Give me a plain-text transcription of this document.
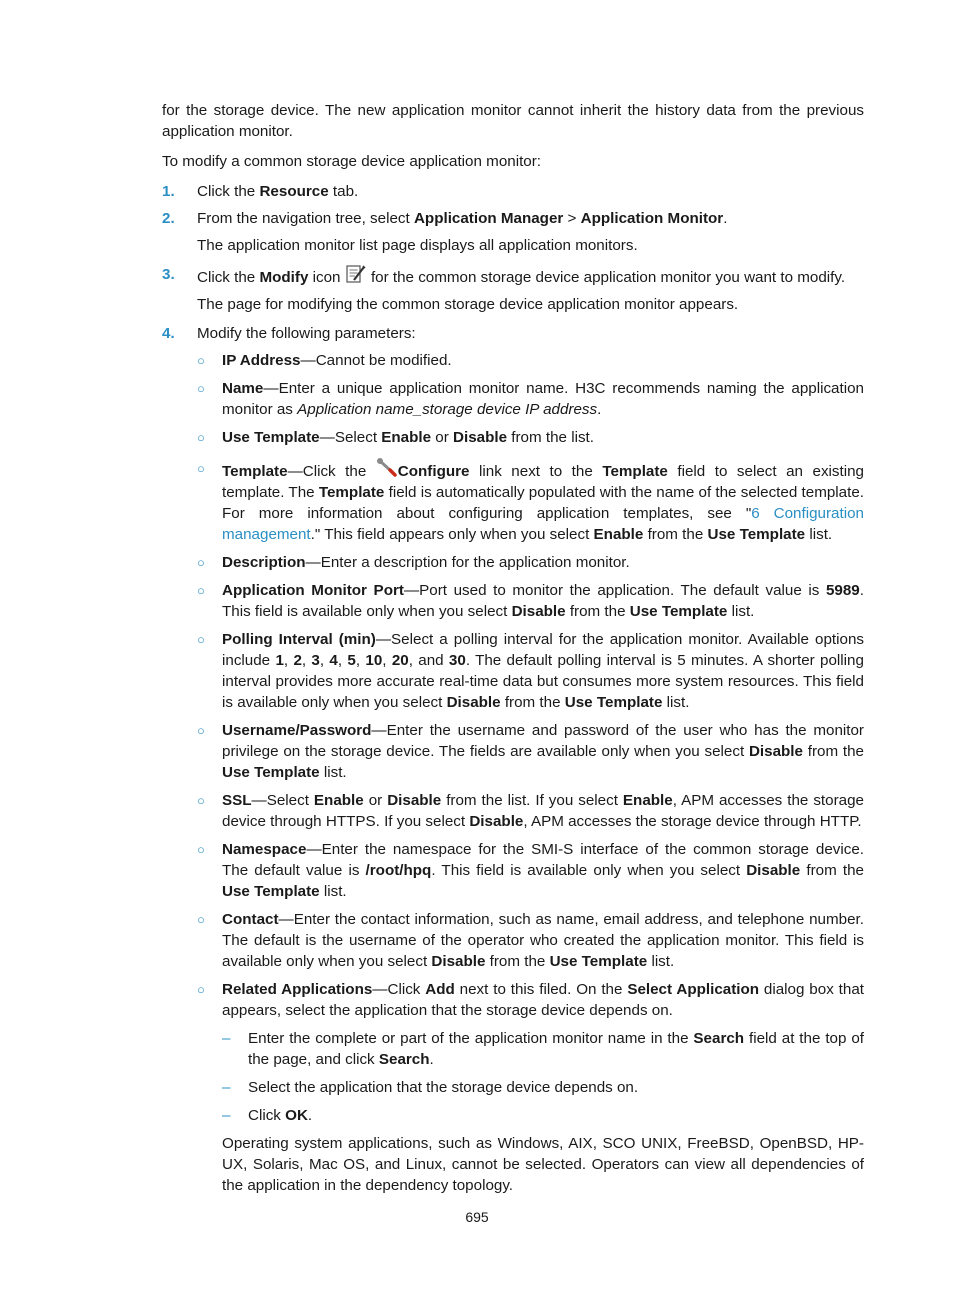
for the storage device. The new application monitor cannot inherit the history data from the previous application monitor.

To modify a common storage device application monitor:

1. Click the Resource tab.
2. From the navigation tree, select Application Manager > Application Monitor.

The application monitor list page displays all application monitors.

3. Click the Modify icon  for the common storage device application monitor you want to modify.

The page for modifying the common storage device application monitor appears.

4. Modify the following parameters:
○ IP Address—Cannot be modified.
○ Name—Enter a unique application monitor name. H3C recommends naming the application monitor as Application name_storage device IP address.
○ Use Template—Select Enable or Disable from the list.
○ Template—Click the Configure link next to the Template field to select an existing template. The Template field is automatically populated with the name of the selected template. For more information about configuring application templates, see "6 Configuration management." This field appears only when you select Enable from the Use Template list.
○ Description—Enter a description for the application monitor.
○ Application Monitor Port—Port used to monitor the application. The default value is 5989. This field is available only when you select Disable from the Use Template list.
○ Polling Interval (min)—Select a polling interval for the application monitor. Available options include 1, 2, 3, 4, 5, 10, 20, and 30. The default polling interval is 5 minutes. A shorter polling interval provides more accurate real-time data but consumes more system resources. This field is available only when you select Disable from the Use Template list.
○ Username/Password—Enter the username and password of the user who has the monitor privilege on the storage device. The fields are available only when you select Disable from the Use Template list.
○ SSL—Select Enable or Disable from the list. If you select Enable, APM accesses the storage device through HTTPS. If you select Disable, APM accesses the storage device through HTTP.
○ Namespace—Enter the namespace for the SMI-S interface of the common storage device. The default value is /root/hpq. This field is available only when you select Disable from the Use Template list.
○ Contact—Enter the contact information, such as name, email address, and telephone number. The default is the username of the operator who created the application monitor. This field is available only when you select Disable from the Use Template list.
○ Related Applications—Click Add next to this filed. On the Select Application dialog box that appears, select the application that the storage device depends on.
– Enter the complete or part of the application monitor name in the Search field at the top of the page, and click Search.
– Select the application that the storage device depends on.
– Click OK.

Operating system applications, such as Windows, AIX, SCO UNIX, FreeBSD, OpenBSD, HP-UX, Solaris, Mac OS, and Linux, cannot be selected. Operators can view all dependencies of the application in the dependency topology.

695
